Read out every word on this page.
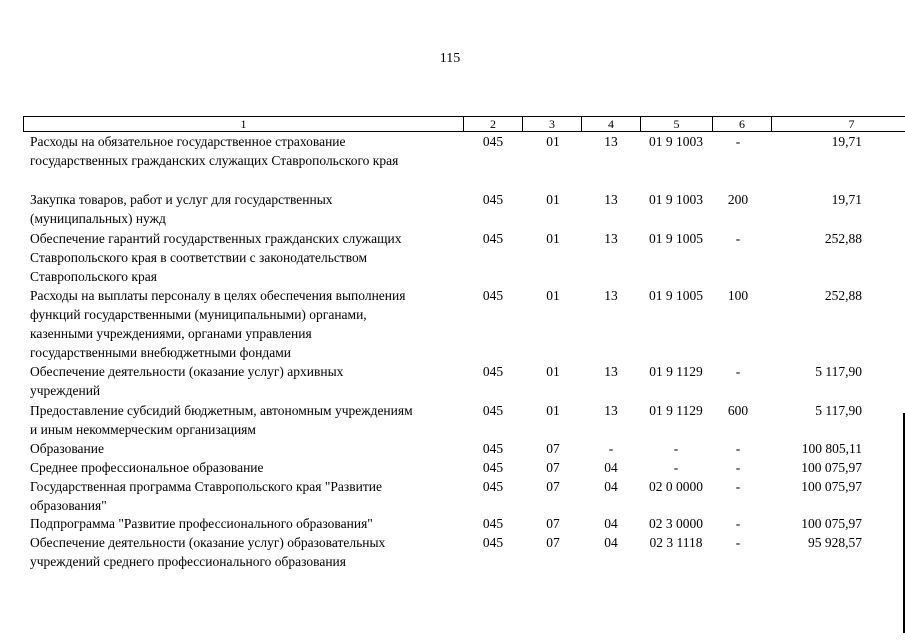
115
1	2	3	4	5	6	7
Расходы на обязательное государственное страхование
государственных гражданских служащих Ставропольского края
045	01	13	01 9 1003	-	19,71
Закупка товаров, работ и услуг для государственных
(муниципальных) нужд
045	01	13	01 9 1003	200	19,71
Обеспечение гарантий государственных гражданских служащих
Ставропольского края в соответствии с законодательством
Ставропольского края
045	01	13	01 9 1005	-	252,88
Расходы на выплаты персоналу в целях обеспечения выполнения
функций государственными (муниципальными) органами,
казенными учреждениями, органами управления
государственными внебюджетными фондами
045	01	13	01 9 1005	100	252,88
Обеспечение деятельности (оказание услуг) архивных
учреждений
045	01	13	01 9 1129	-	5 117,90
Предоставление субсидий бюджетным, автономным учреждениям
и иным некоммерческим организациям
045	01	13	01 9 1129	600	5 117,90
Образование	045	07	-	-	-	100 805,11
Среднее профессиональное образование	045	07	04	-	-	100 075,97
Государственная программа Ставропольского края "Развитие
образования"
045	07	04	02 0 0000	-	100 075,97
Подпрограмма "Развитие профессионального образования"	045	07	04	02 3 0000	-	100 075,97
Обеспечение деятельности (оказание услуг) образовательных
учреждений среднего профессионального образования
045	07	04	02 3 1118	-	95 928,57
